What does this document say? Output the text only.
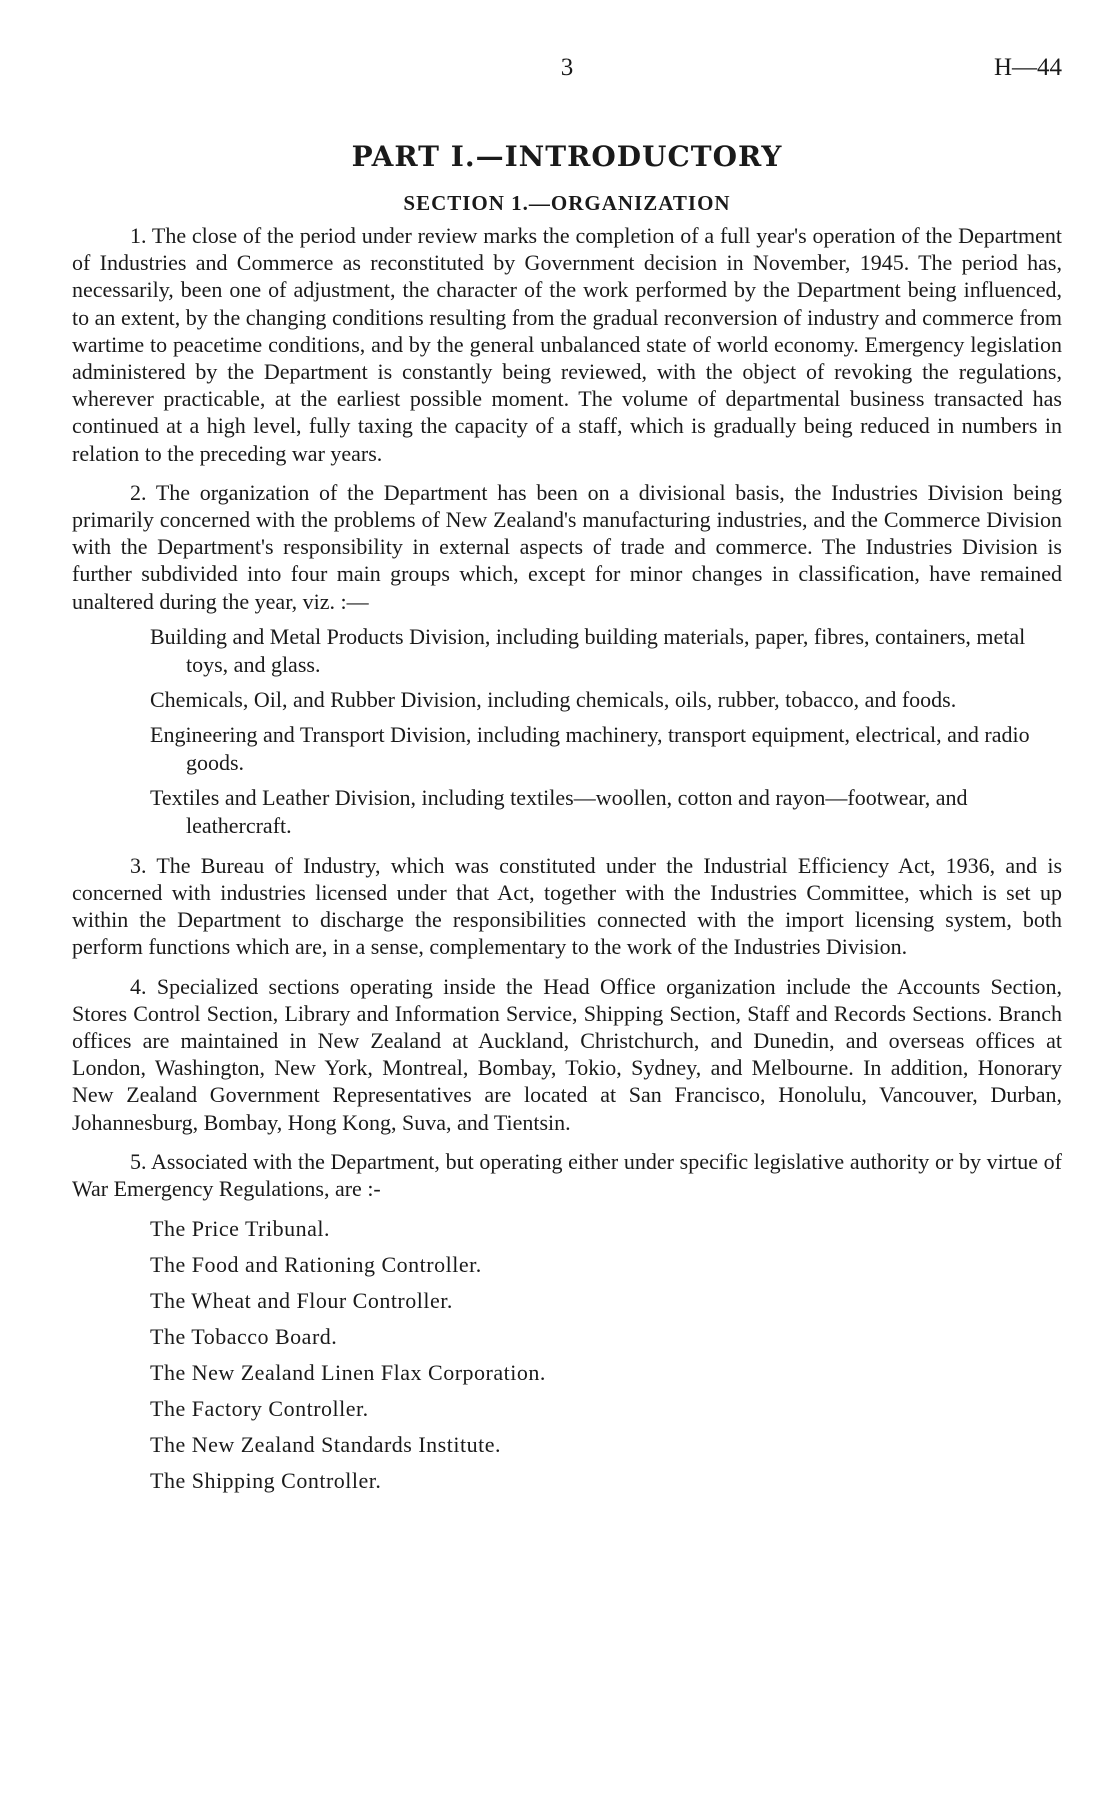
3	H—44
PART I.—INTRODUCTORY
SECTION 1.—ORGANIZATION

1. The close of the period under review marks the completion of a full year's operation of the Department of Industries and Commerce as reconstituted by Government decision in November, 1945. The period has, necessarily, been one of adjustment, the character of the work performed by the Department being influenced, to an extent, by the changing conditions resulting from the gradual reconversion of industry and commerce from wartime to peacetime conditions, and by the general unbalanced state of world economy. Emergency legislation administered by the Department is constantly being reviewed, with the object of revoking the regulations, wherever practicable, at the earliest possible moment. The volume of departmental business transacted has continued at a high level, fully taxing the capacity of a staff, which is gradually being reduced in numbers in relation to the preceding war years.

2. The organization of the Department has been on a divisional basis, the Industries Division being primarily concerned with the problems of New Zealand's manufacturing industries, and the Commerce Division with the Department's responsibility in external aspects of trade and commerce. The Industries Division is further subdivided into four main groups which, except for minor changes in classification, have remained unaltered during the year, viz. :—

Building and Metal Products Division, including building materials, paper, fibres, containers, metal toys, and glass.
Chemicals, Oil, and Rubber Division, including chemicals, oils, rubber, tobacco, and foods.
Engineering and Transport Division, including machinery, transport equipment, electrical, and radio goods.
Textiles and Leather Division, including textiles—woollen, cotton and rayon—footwear, and leathercraft.

3. The Bureau of Industry, which was constituted under the Industrial Efficiency Act, 1936, and is concerned with industries licensed under that Act, together with the Industries Committee, which is set up within the Department to discharge the responsibilities connected with the import licensing system, both perform functions which are, in a sense, complementary to the work of the Industries Division.

4. Specialized sections operating inside the Head Office organization include the Accounts Section, Stores Control Section, Library and Information Service, Shipping Section, Staff and Records Sections. Branch offices are maintained in New Zealand at Auckland, Christchurch, and Dunedin, and overseas offices at London, Washington, New York, Montreal, Bombay, Tokio, Sydney, and Melbourne. In addition, Honorary New Zealand Government Representatives are located at San Francisco, Honolulu, Vancouver, Durban, Johannesburg, Bombay, Hong Kong, Suva, and Tientsin.

5. Associated with the Department, but operating either under specific legislative authority or by virtue of War Emergency Regulations, are :-

The Price Tribunal.
The Food and Rationing Controller.
The Wheat and Flour Controller.
The Tobacco Board.
The New Zealand Linen Flax Corporation.
The Factory Controller.
The New Zealand Standards Institute.
The Shipping Controller.
